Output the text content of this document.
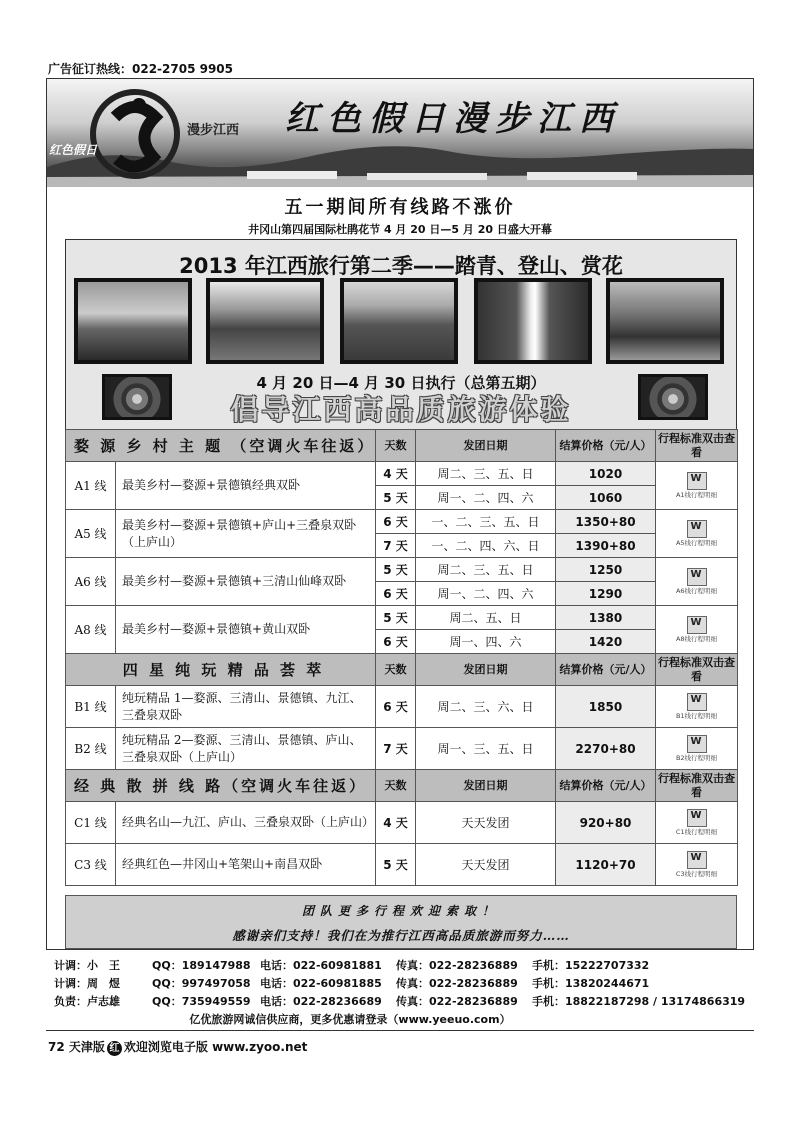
广告征订热线：022-2705 9905
漫步江西
红色假日
红色假日漫步江西
五一期间所有线路不涨价
井冈山第四届国际杜鹃花节 4 月 20 日—5 月 20 日盛大开幕
2013 年江西旅行第二季——踏青、登山、赏花
4 月 20 日—4 月 30 日执行（总第五期）
倡导江西高品质旅游体验
婺 源 乡 村 主 题 （空调火车往返）		天数	发团日期	结算价格（元/人）	行程标准双击查看
A1 线	最美乡村—婺源+景德镇经典双卧	4 天	周二、三、五、日	1020	
W
A1线行程明细
		5 天	周一、二、四、六	1060	
A5 线	最美乡村—婺源+景德镇+庐山+三叠泉双卧（上庐山）	6 天	一、二、三、五、日	1350+80	
W
A5线行程明细
		7 天	一、二、四、六、日	1390+80	
A6 线	最美乡村—婺源+景德镇+三清山仙峰双卧	5 天	周二、三、五、日	1250	
W
A6线行程明细
		6 天	周一、二、四、六	1290	
A8 线	最美乡村—婺源+景德镇+黄山双卧	5 天	周二、五、日	1380	
W
A8线行程明细
		6 天	周一、四、六	1420	
四 星 纯 玩 精 品 荟 萃		天数	发团日期	结算价格（元/人）	行程标准双击查看
B1 线	纯玩精品 1—婺源、三清山、景德镇、九江、三叠泉双卧	6 天	周二、三、六、日	1850	
W
B1线行程明细
B2 线	纯玩精品 2—婺源、三清山、景德镇、庐山、三叠泉双卧（上庐山）	7 天	周一、三、五、日	2270+80	
W
B2线行程明细
经 典 散 拼 线 路（空调火车往返）		天数	发团日期	结算价格（元/人）	行程标准双击查看
C1 线	经典名山—九江、庐山、三叠泉双卧（上庐山）	4 天	天天发团	920+80	
W
C1线行程明细
C3 线	经典红色—井冈山+笔架山+南昌双卧	5 天	天天发团	1120+70	
W
C3线行程明细
团队更多行程欢迎索取！
感谢亲们支持！我们在为推行江西高品质旅游而努力……
计调：小　王	QQ：189147988 电话：022-60981881 传真：022-28236889 手机：15222707332
计调：周　煜	QQ：997497058 电话：022-60981885 传真：022-28236889 手机：13820244671
负责：卢志雄	QQ：735949559 电话：022-28236689 传真：022-28236889 手机：18822187298 / 13174866319
亿优旅游网诚信供应商，更多优惠请登录（www.yeeuo.com）
72 天津版 红 欢迎浏览电子版 www.zyoo.net
